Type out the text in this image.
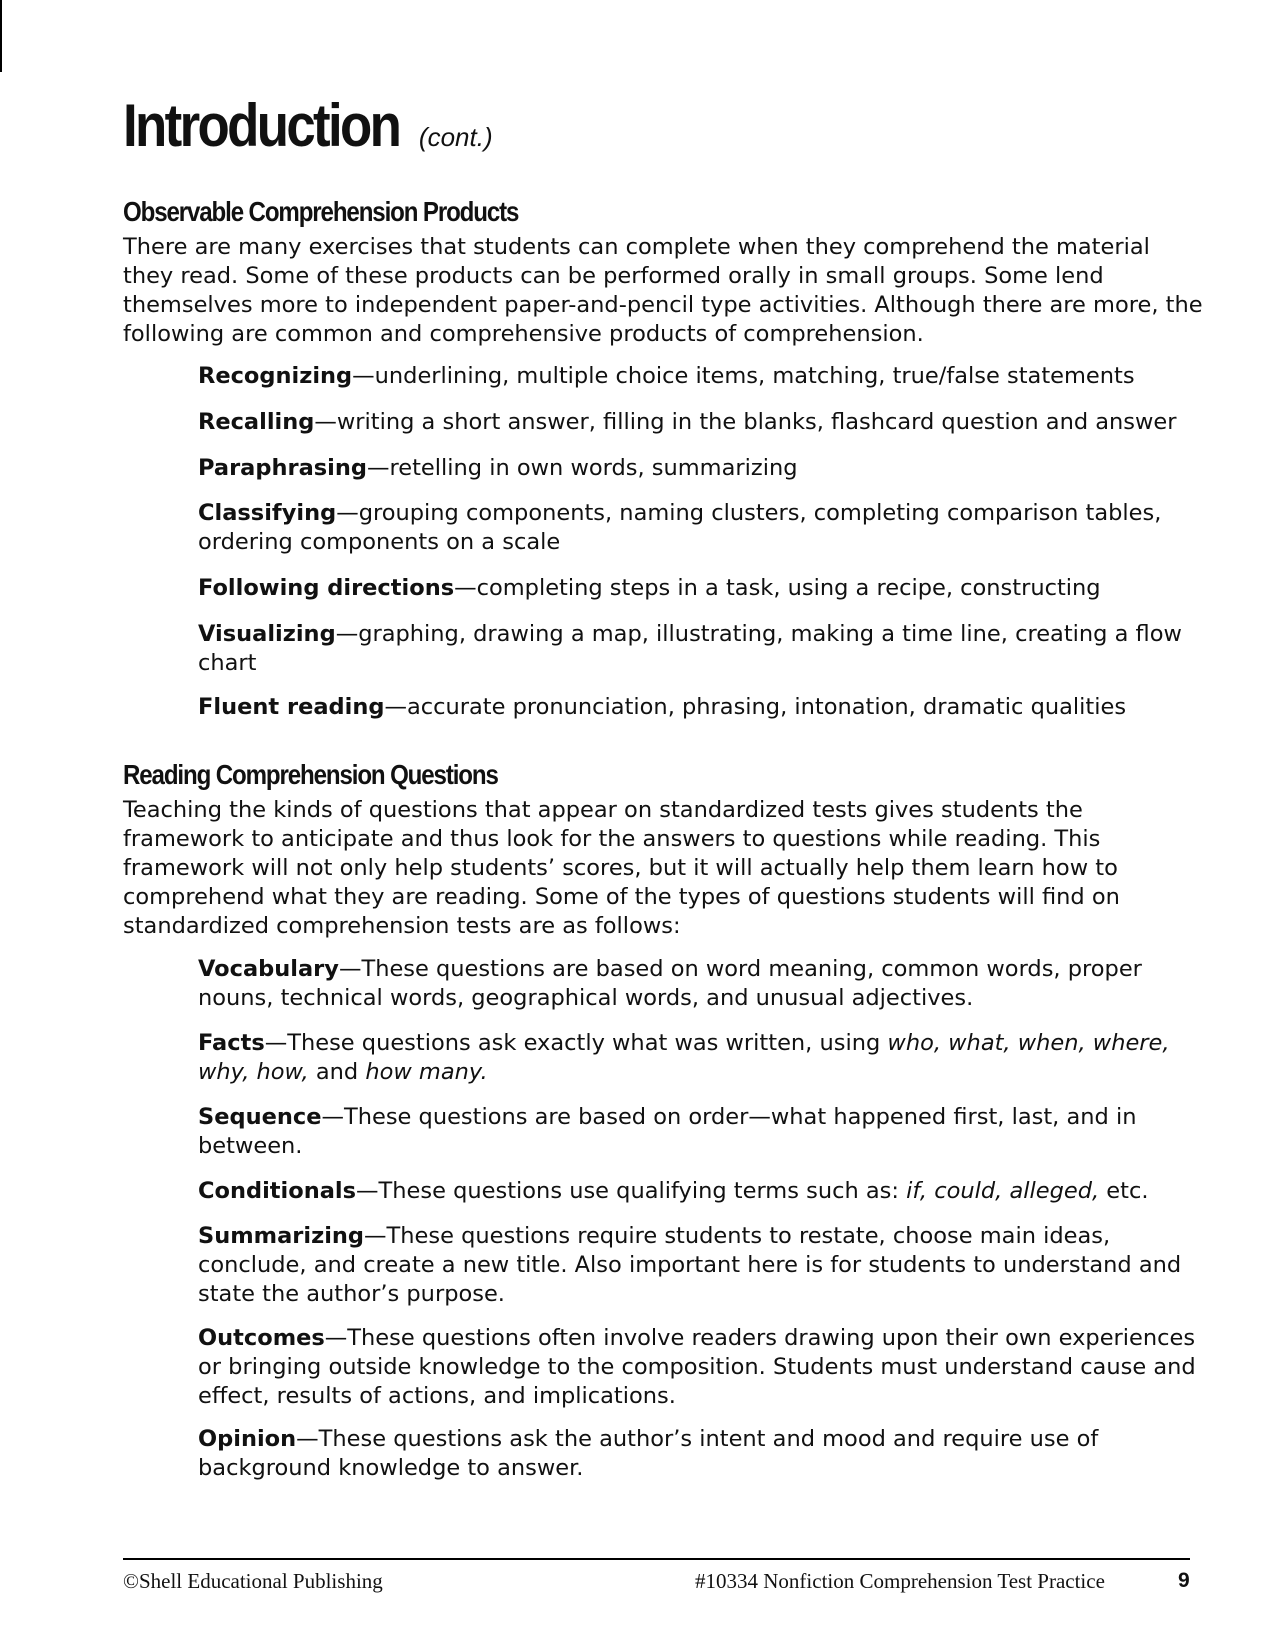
Introduction (cont.)
Observable Comprehension Products
There are many exercises that students can complete when they comprehend the material they read. Some of these products can be performed orally in small groups. Some lend themselves more to independent paper-and-pencil type activities. Although there are more, the following are common and comprehensive products of comprehension.
Recognizing—underlining, multiple choice items, matching, true/false statements
Recalling—writing a short answer, filling in the blanks, flashcard question and answer
Paraphrasing—retelling in own words, summarizing
Classifying—grouping components, naming clusters, completing comparison tables, ordering components on a scale
Following directions—completing steps in a task, using a recipe, constructing
Visualizing—graphing, drawing a map, illustrating, making a time line, creating a flow chart
Fluent reading—accurate pronunciation, phrasing, intonation, dramatic qualities
Reading Comprehension Questions
Teaching the kinds of questions that appear on standardized tests gives students the framework to anticipate and thus look for the answers to questions while reading. This framework will not only help students’ scores, but it will actually help them learn how to comprehend what they are reading. Some of the types of questions students will find on standardized comprehension tests are as follows:
Vocabulary—These questions are based on word meaning, common words, proper nouns, technical words, geographical words, and unusual adjectives.
Facts—These questions ask exactly what was written, using who, what, when, where, why, how, and how many.
Sequence—These questions are based on order—what happened first, last, and in between.
Conditionals—These questions use qualifying terms such as: if, could, alleged, etc.
Summarizing—These questions require students to restate, choose main ideas, conclude, and create a new title. Also important here is for students to understand and state the author’s purpose.
Outcomes—These questions often involve readers drawing upon their own experiences or bringing outside knowledge to the composition. Students must understand cause and effect, results of actions, and implications.
Opinion—These questions ask the author’s intent and mood and require use of background knowledge to answer.
©Shell Educational Publishing	#10334 Nonfiction Comprehension Test Practice	9
